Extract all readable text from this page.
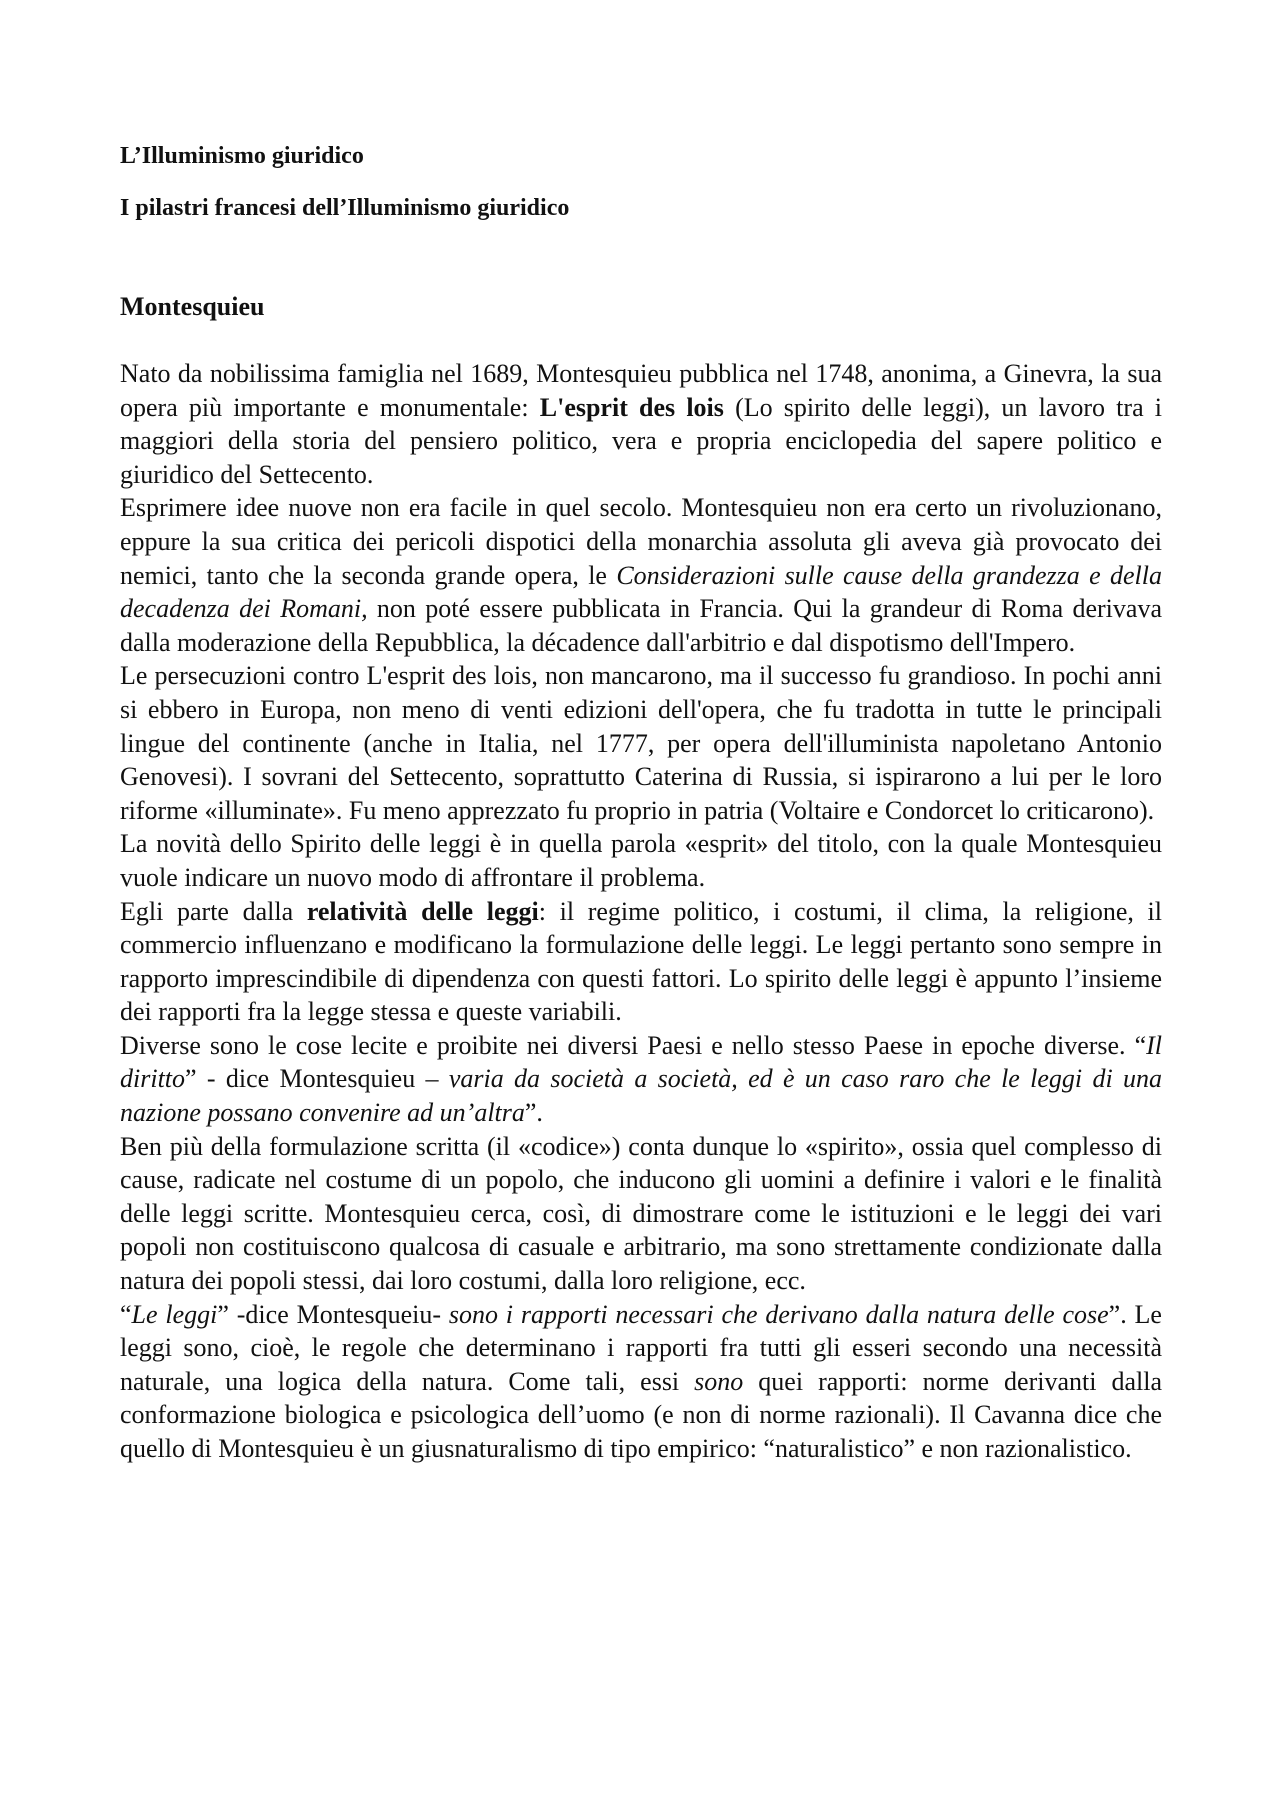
L’Illuminismo giuridico
I pilastri francesi dell’Illuminismo giuridico
Montesquieu

Nato da nobilissima famiglia nel 1689, Montesquieu pubblica nel 1748, anonima, a Ginevra, la sua opera più importante e monumentale: L'esprit des lois (Lo spirito delle leggi), un lavoro tra i maggiori della storia del pensiero politico, vera e propria enciclopedia del sapere politico e giuridico del Settecento.

Esprimere idee nuove non era facile in quel secolo. Montesquieu non era certo un rivoluzionano, eppure la sua critica dei pericoli dispotici della monarchia assoluta gli aveva già provocato dei nemici, tanto che la seconda grande opera, le Considerazioni sulle cause della grandezza e della decadenza dei Romani, non poté essere pubblicata in Francia. Qui la grandeur di Roma derivava dalla moderazione della Repubblica, la décadence dall'arbitrio e dal dispotismo dell'Impero.

Le persecuzioni contro L'esprit des lois, non mancarono, ma il successo fu grandioso. In pochi anni si ebbero in Europa, non meno di venti edizioni dell'opera, che fu tradotta in tutte le principali lingue del continente (anche in Italia, nel 1777, per opera dell'illuminista napoletano Antonio Genovesi). I sovrani del Settecento, soprattutto Caterina di Russia, si ispirarono a lui per le loro riforme «illuminate». Fu meno apprezzato fu proprio in patria (Voltaire e Condorcet lo criticarono).

La novità dello Spirito delle leggi è in quella parola «esprit» del titolo, con la quale Montesquieu vuole indicare un nuovo modo di affrontare il problema.

Egli parte dalla relatività delle leggi: il regime politico, i costumi, il clima, la religione, il commercio influenzano e modificano la formulazione delle leggi. Le leggi pertanto sono sempre in rapporto imprescindibile di dipendenza con questi fattori. Lo spirito delle leggi è appunto l’insieme dei rapporti fra la legge stessa e queste variabili.

Diverse sono le cose lecite e proibite nei diversi Paesi e nello stesso Paese in epoche diverse. “Il diritto” - dice Montesquieu – varia da società a società, ed è un caso raro che le leggi di una nazione possano convenire ad un’altra”.

Ben più della formulazione scritta (il «codice») conta dunque lo «spirito», ossia quel complesso di cause, radicate nel costume di un popolo, che inducono gli uomini a definire i valori e le finalità delle leggi scritte. Montesquieu cerca, così, di dimostrare come le istituzioni e le leggi dei vari popoli non costituiscono qualcosa di casuale e arbitrario, ma sono strettamente condizionate dalla natura dei popoli stessi, dai loro costumi, dalla loro religione, ecc.

“Le leggi” -dice Montesqueiu- sono i rapporti necessari che derivano dalla natura delle cose”. Le leggi sono, cioè, le regole che determinano i rapporti fra tutti gli esseri secondo una necessità naturale, una logica della natura. Come tali, essi sono quei rapporti: norme derivanti dalla conformazione biologica e psicologica dell’uomo (e non di norme razionali). Il Cavanna dice che quello di Montesquieu è un giusnaturalismo di tipo empirico: “naturalistico” e non razionalistico.
